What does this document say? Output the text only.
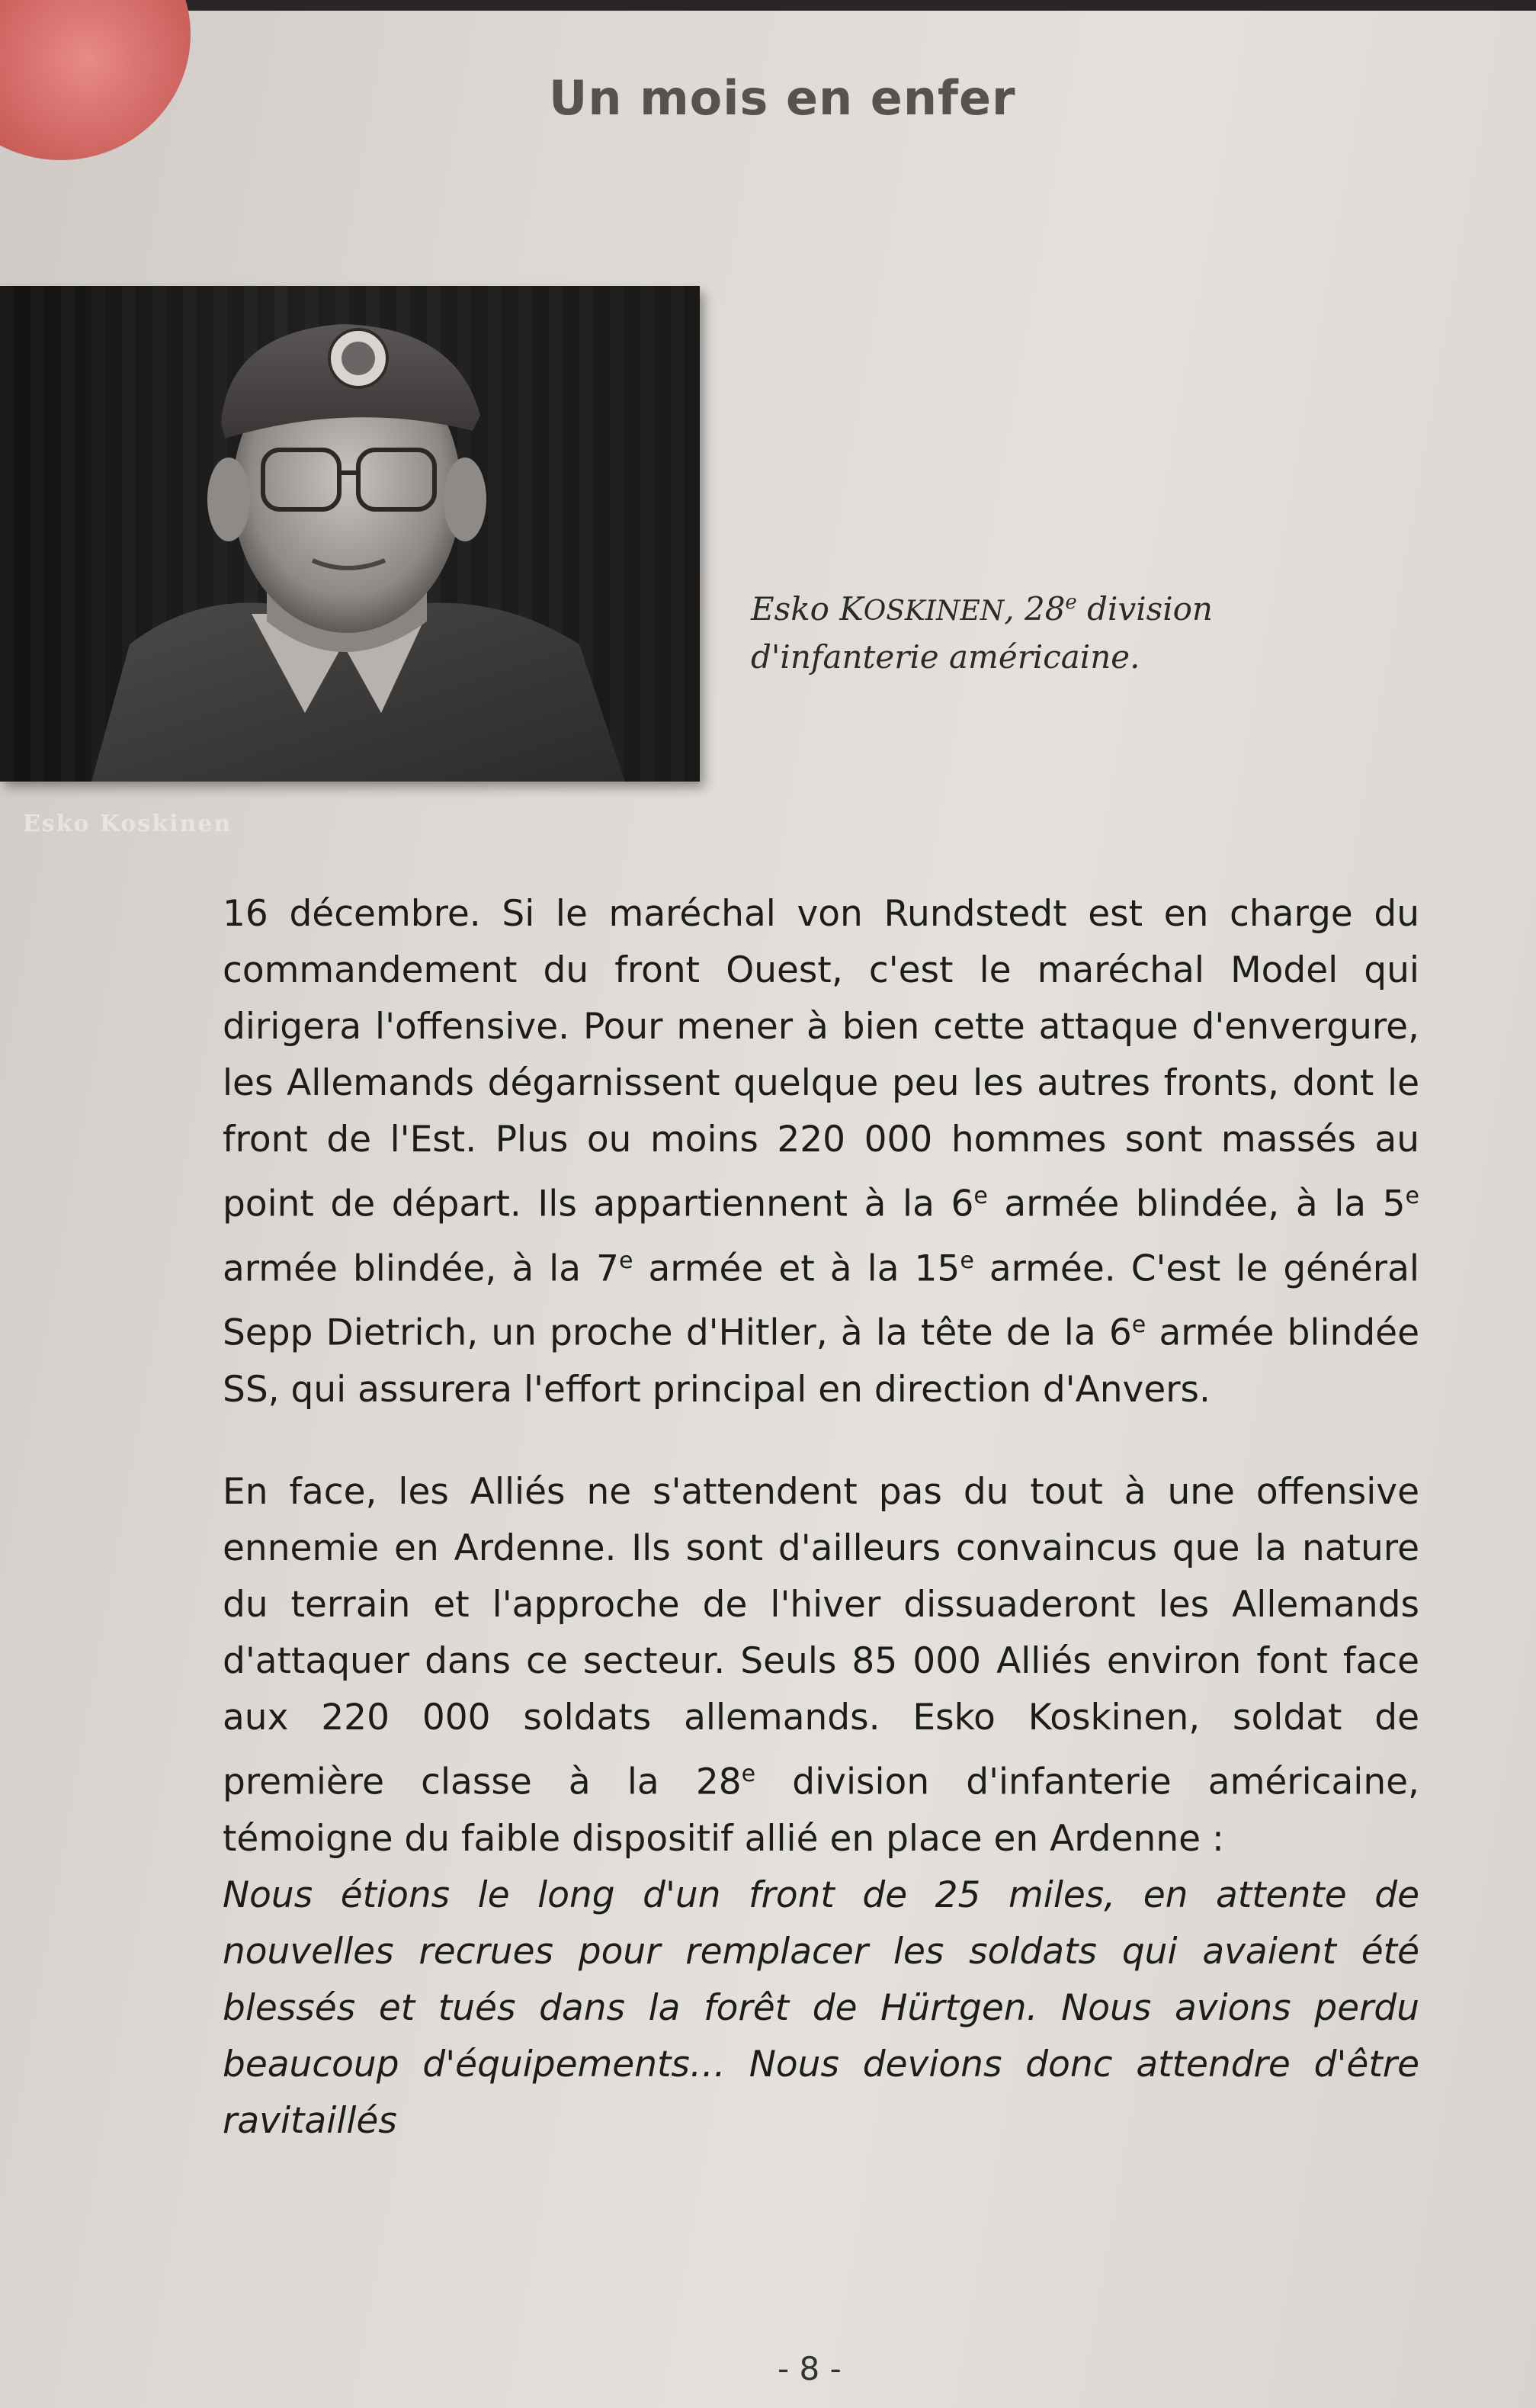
Un mois en enfer
Esko Koskinen
Esko KOSKINEN, 28e division
d'infanterie américaine.

16 décembre. Si le maréchal von Rundstedt est en charge du commandement du front Ouest, c'est le maréchal Model qui dirigera l'offensive. Pour mener à bien cette attaque d'envergure, les Allemands dégarnissent quelque peu les autres fronts, dont le front de l'Est. Plus ou moins 220 000 hommes sont massés au point de départ. Ils appartiennent à la 6e armée blindée, à la 5e armée blindée, à la 7e armée et à la 15e armée. C'est le général Sepp Dietrich, un proche d'Hitler, à la tête de la 6e armée blindée SS, qui assurera l'effort principal en direction d'Anvers.

En face, les Alliés ne s'attendent pas du tout à une offensive ennemie en Ardenne. Ils sont d'ailleurs convaincus que la nature du terrain et l'approche de l'hiver dissuaderont les Allemands d'attaquer dans ce secteur. Seuls 85 000 Alliés environ font face aux 220 000 soldats allemands. Esko Koskinen, soldat de première classe à la 28e division d'infanterie américaine, témoigne du faible dispositif allié en place en Ardenne :

Nous étions le long d'un front de 25 miles, en attente de nouvelles recrues pour remplacer les soldats qui avaient été blessés et tués dans la forêt de Hürtgen. Nous avions perdu beaucoup d'équipements… Nous devions donc attendre d'être ravitaillés

- 8 -
